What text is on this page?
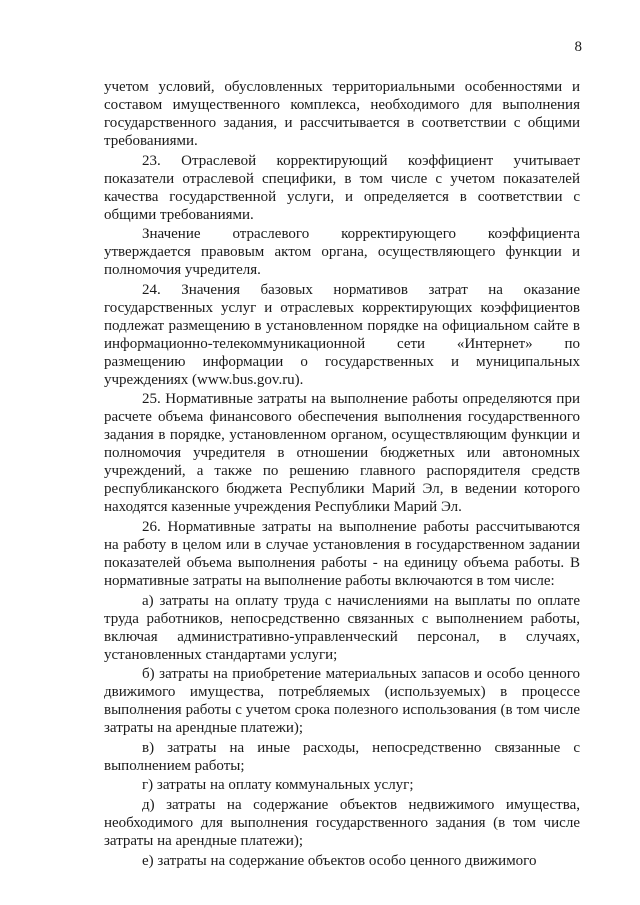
8

учетом условий, обусловленных территориальными особенностями и составом имущественного комплекса, необходимого для выполнения государственного задания, и рассчитывается в соответствии с общими требованиями.

23. Отраслевой корректирующий коэффициент учитывает показатели отраслевой специфики, в том числе с учетом показателей качества государственной услуги, и определяется в соответствии с общими требованиями.

Значение отраслевого корректирующего коэффициента утверждается правовым актом органа, осуществляющего функции и полномочия учредителя.

24. Значения базовых нормативов затрат на оказание государственных услуг и отраслевых корректирующих коэффициентов подлежат размещению в установленном порядке на официальном сайте в информационно-телекоммуникационной сети «Интернет» по размещению информации о государственных и муниципальных учреждениях (www.bus.gov.ru).

25. Нормативные затраты на выполнение работы определяются при расчете объема финансового обеспечения выполнения государственного задания в порядке, установленном органом, осуществляющим функции и полномочия учредителя в отношении бюджетных или автономных учреждений, а также по решению главного распорядителя средств республиканского бюджета Республики Марий Эл, в ведении которого находятся казенные учреждения Республики Марий Эл.

26. Нормативные затраты на выполнение работы рассчитываются на работу в целом или в случае установления в государственном задании показателей объема выполнения работы - на единицу объема работы. В нормативные затраты на выполнение работы включаются в том числе:

а) затраты на оплату труда с начислениями на выплаты по оплате труда работников, непосредственно связанных с выполнением работы, включая административно-управленческий персонал, в случаях, установленных стандартами услуги;

б) затраты на приобретение материальных запасов и особо ценного движимого имущества, потребляемых (используемых) в процессе выполнения работы с учетом срока полезного использования (в том числе затраты на арендные платежи);

в) затраты на иные расходы, непосредственно связанные с выполнением работы;

г) затраты на оплату коммунальных услуг;

д) затраты на содержание объектов недвижимого имущества, необходимого для выполнения государственного задания (в том числе затраты на арендные платежи);

е) затраты на содержание объектов особо ценного движимого
